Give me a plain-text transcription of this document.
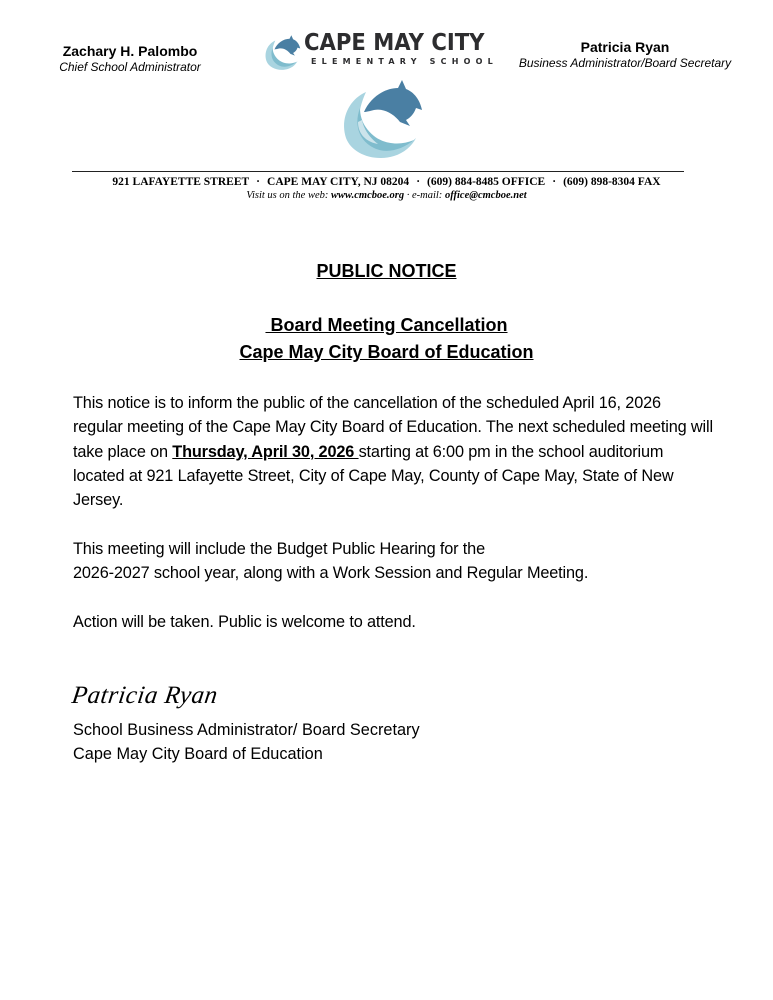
Zachary H. Palombo
Chief School Administrator
CAPE MAY CITY
ELEMENTARY SCHOOL
Patricia Ryan
Business Administrator/Board Secretary
921 LAFAYETTE STREET · CAPE MAY CITY, NJ 08204 · (609) 884-8485 OFFICE · (609) 898-8304 FAX
Visit us on the web: www.cmcboe.org · e-mail: office@cmcboe.net
PUBLIC NOTICE
Board Meeting Cancellation
Cape May City Board of Education
This notice is to inform the public of the cancellation of the scheduled April 16, 2026 regular meeting of the Cape May City Board of Education. The next scheduled meeting will take place on Thursday, April 30, 2026 starting at 6:00 pm in the school auditorium located at 921 Lafayette Street, City of Cape May, County of Cape May, State of New Jersey.
This meeting will include the Budget Public Hearing for the
2026-2027 school year, along with a Work Session and Regular Meeting.
Action will be taken. Public is welcome to attend.
Patricia Ryan
School Business Administrator/ Board Secretary
Cape May City Board of Education
